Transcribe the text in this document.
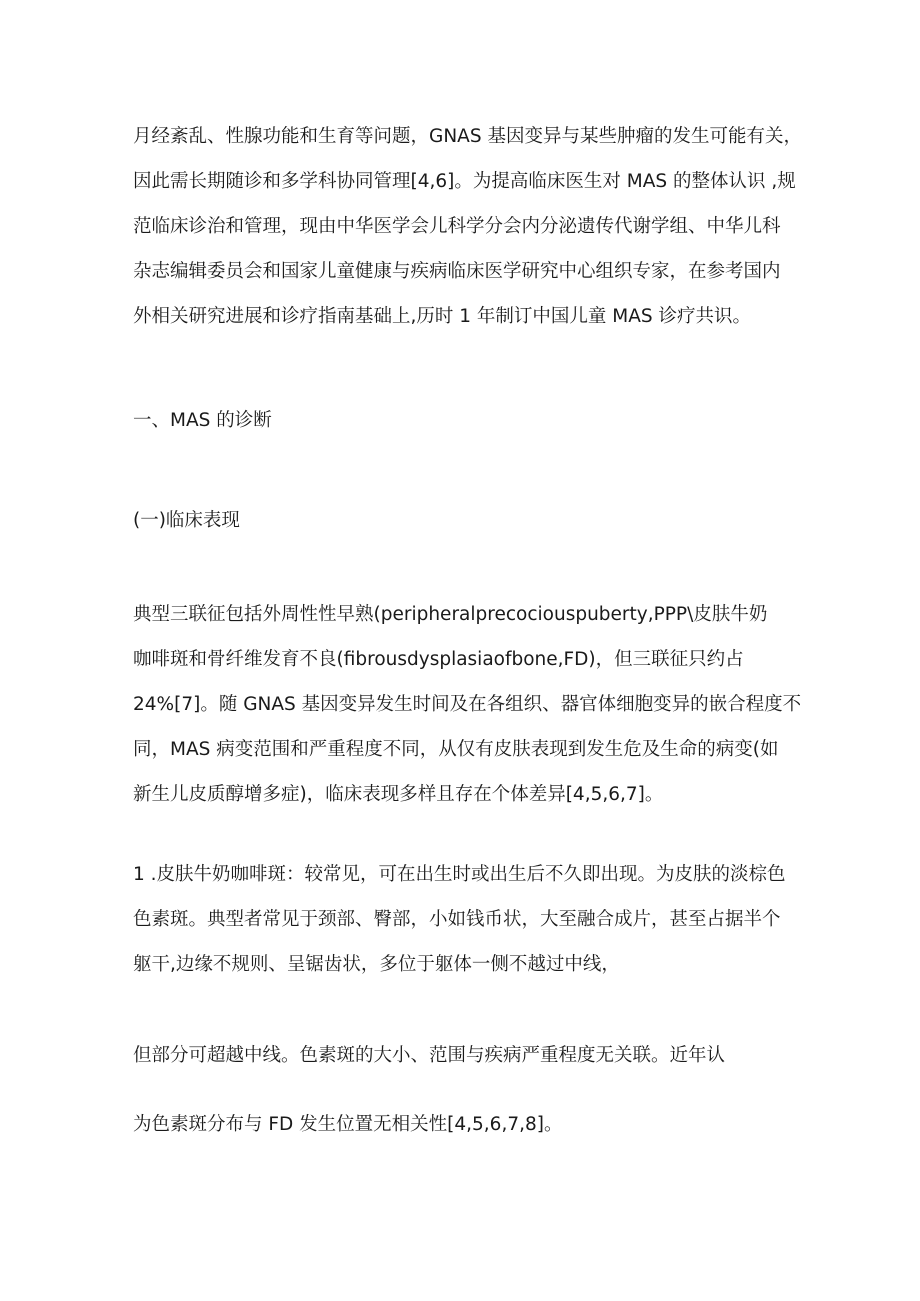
月经紊乱、性腺功能和生育等问题，GNAS 基因变异与某些肿瘤的发生可能有关，
因此需长期随诊和多学科协同管理[4,6]。为提高临床医生对 MAS 的整体认识 ,规
范临床诊治和管理，现由中华医学会儿科学分会内分泌遗传代谢学组、中华儿科
杂志编辑委员会和国家儿童健康与疾病临床医学研究中心组织专家，在参考国内
外相关研究进展和诊疗指南基础上,历时 1 年制订中国儿童 MAS 诊疗共识。
一、MAS 的诊断
(一)临床表现
典型三联征包括外周性性早熟(peripheralprecociouspuberty,PPP\皮肤牛奶
咖啡斑和骨纤维发育不良(fibrousdysplasiaofbone,FD)，但三联征只约占
24%[7]。随 GNAS 基因变异发生时间及在各组织、器官体细胞变异的嵌合程度不
同，MAS 病变范围和严重程度不同，从仅有皮肤表现到发生危及生命的病变(如
新生儿皮质醇增多症)，临床表现多样且存在个体差异[4,5,6,7]。
1 .皮肤牛奶咖啡斑：较常见，可在出生时或出生后不久即出现。为皮肤的淡棕色
色素斑。典型者常见于颈部、臀部，小如钱币状，大至融合成片，甚至占据半个
躯干,边缘不规则、呈锯齿状，多位于躯体一侧不越过中线，
但部分可超越中线。色素斑的大小、范围与疾病严重程度无关联。近年认
为色素斑分布与 FD 发生位置无相关性[4,5,6,7,8]。
